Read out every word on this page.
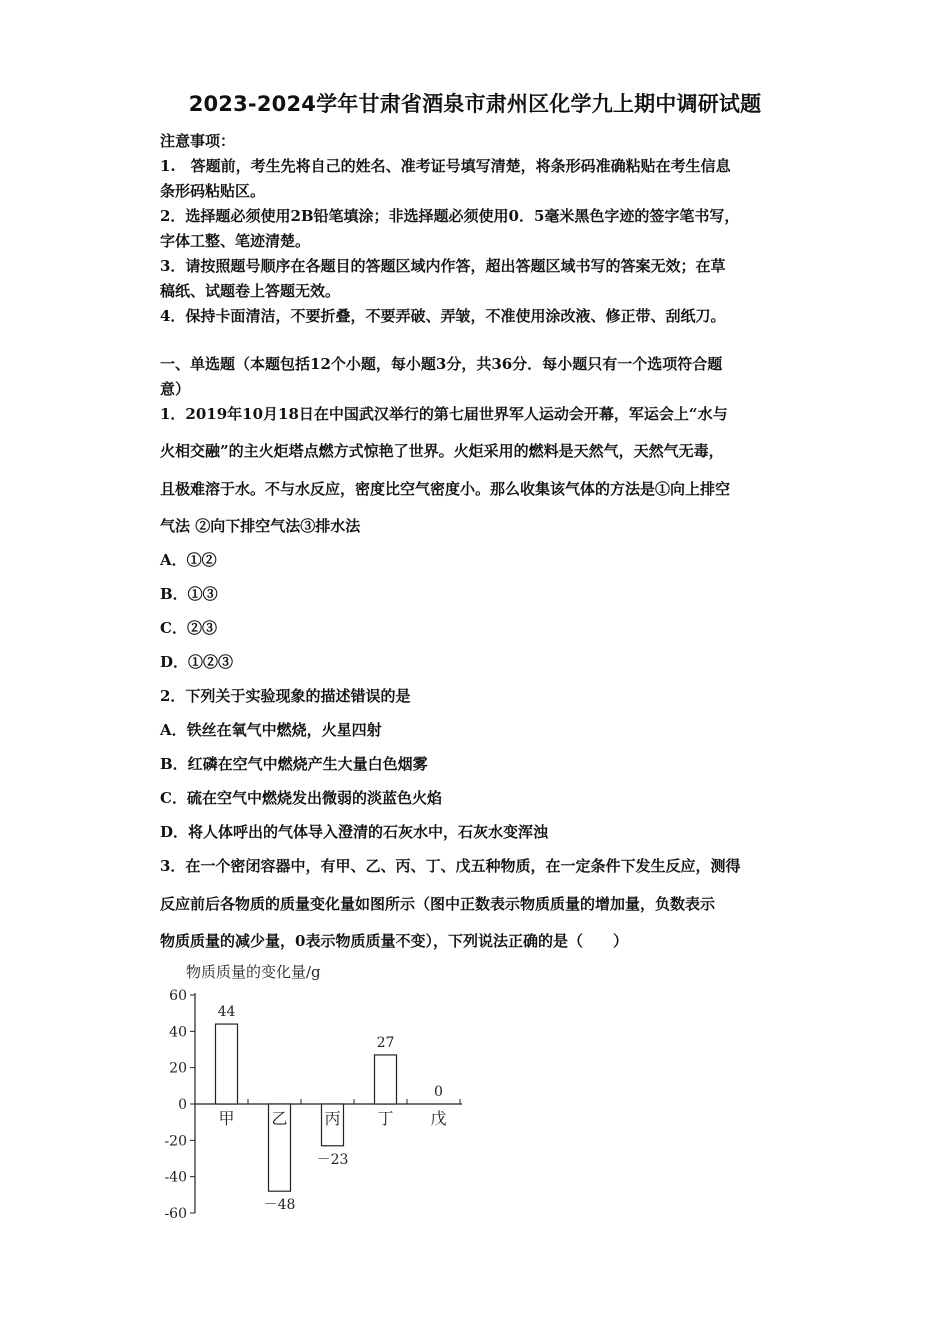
2023-2024学年甘肃省酒泉市肃州区化学九上期中调研试题
注意事项：
1.　答题前，考生先将自己的姓名、准考证号填写清楚，将条形码准确粘贴在考生信息
条形码粘贴区。
2．选择题必须使用2B铅笔填涂；非选择题必须使用0．5毫米黑色字迹的签字笔书写，
字体工整、笔迹清楚。
3．请按照题号顺序在各题目的答题区域内作答，超出答题区域书写的答案无效；在草
稿纸、试题卷上答题无效。
4．保持卡面清洁，不要折叠，不要弄破、弄皱，不准使用涂改液、修正带、刮纸刀。
一、单选题（本题包括12个小题，每小题3分，共36分．每小题只有一个选项符合题
意）
1．2019年10月18日在中国武汉举行的第七届世界军人运动会开幕，军运会上“水与
火相交融”的主火炬塔点燃方式惊艳了世界。火炬采用的燃料是天然气，天然气无毒，
且极难溶于水。不与水反应，密度比空气密度小。那么收集该气体的方法是①向上排空
气法 ②向下排空气法③排水法
A．①②
B．①③
C．②③
D．①②③
2．下列关于实验现象的描述错误的是
A．铁丝在氧气中燃烧，火星四射
B．红磷在空气中燃烧产生大量白色烟雾
C．硫在空气中燃烧发出微弱的淡蓝色火焰
D．将人体呼出的气体导入澄清的石灰水中，石灰水变浑浊
3．在一个密闭容器中，有甲、乙、丙、丁、戊五种物质，在一定条件下发生反应，测得
反应前后各物质的质量变化量如图所示（图中正数表示物质质量的增加量，负数表示
物质质量的减少量，0表示物质质量不变），下列说法正确的是（　　）
物质质量的变化量/g
60
40
20
0
-20
-40
-60
甲
44
乙
－48
丙
－23
丁
27
戊
0
